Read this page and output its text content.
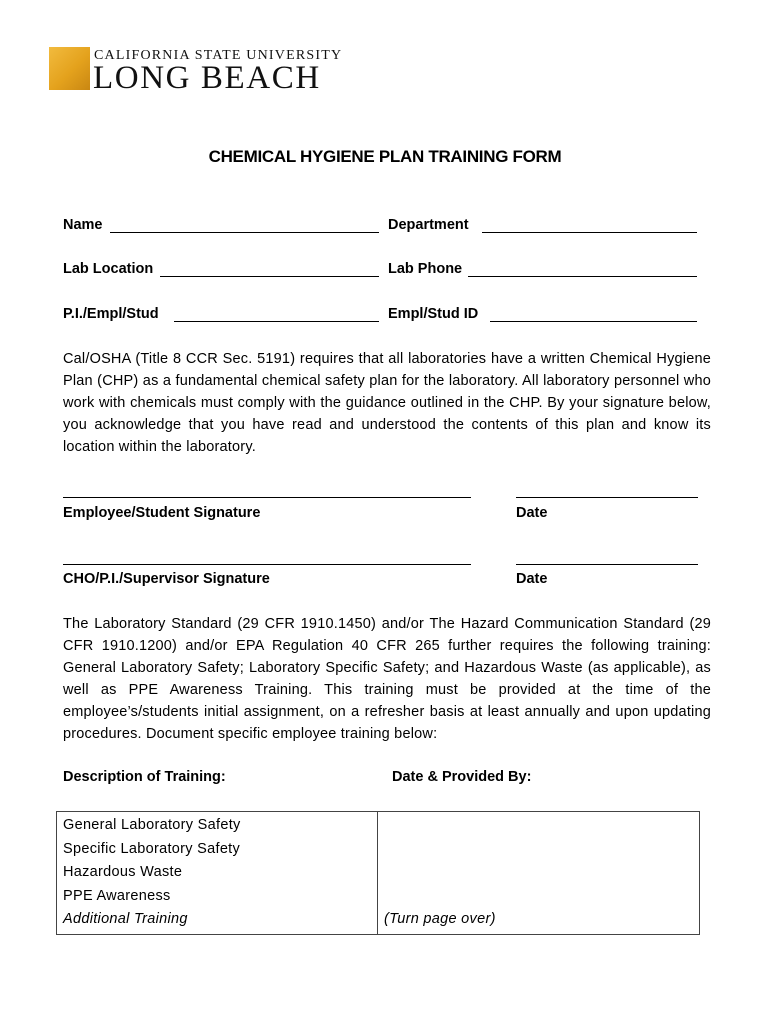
CALIFORNIA STATE UNIVERSITY
LONG BEACH
CHEMICAL HYGIENE PLAN TRAINING FORM
Name	Department
Lab Location	Lab Phone
P.I./Empl/Stud	Empl/Stud ID
Cal/OSHA (Title 8 CCR Sec. 5191) requires that all laboratories have a written Chemical Hygiene Plan (CHP) as a fundamental chemical safety plan for the laboratory. All laboratory personnel who work with chemicals must comply with the guidance outlined in the CHP. By your signature below, you acknowledge that you have read and understood the contents of this plan and know its location within the laboratory.
Employee/Student Signature	Date
CHO/P.I./Supervisor Signature	Date
The Laboratory Standard (29 CFR 1910.1450) and/or The Hazard Communication Standard (29 CFR 1910.1200) and/or EPA Regulation 40 CFR 265 further requires the following training: General Laboratory Safety; Laboratory Specific Safety; and Hazardous Waste (as applicable), as well as PPE Awareness Training. This training must be provided at the time of the employee’s/students initial assignment, on a refresher basis at least annually and upon updating procedures. Document specific employee training below:
Description of Training:	Date & Provided By:
General Laboratory Safety
Specific Laboratory Safety
Hazardous Waste
PPE Awareness
Additional Training	(Turn page over)
